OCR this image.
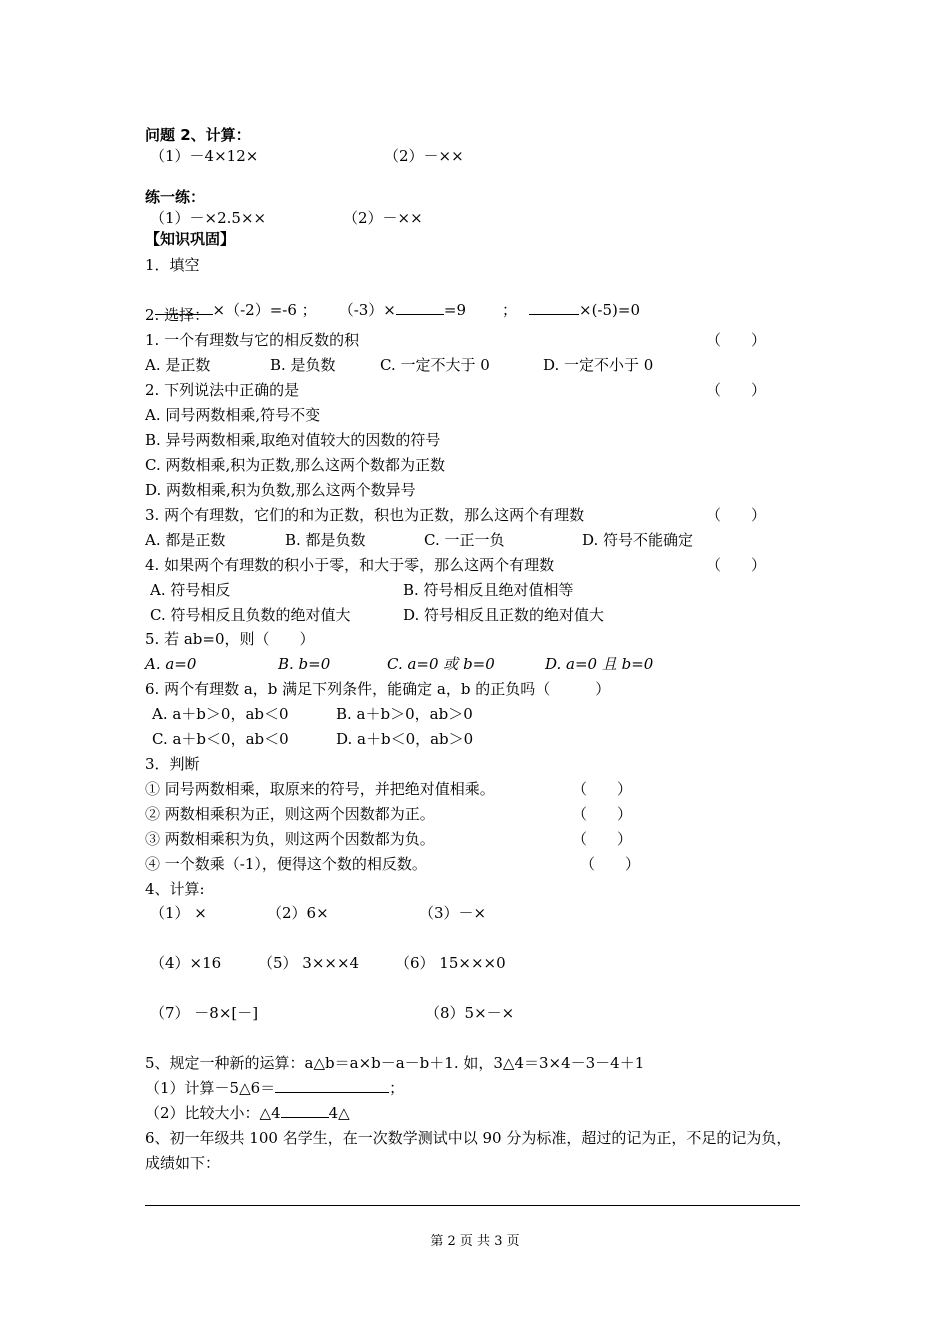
问题 2、计算：
（1）－4×12×	（2）－××
练一练：
（1）－×2.5××	（2）－××
【知识巩固】
1．填空

×（-2）=-6 ； （-3）×	=9 ；	×(-5)=0

2. 选择：
1. 一个有理数与它的相反数的积	（　　）
A. 是正数	B. 是负数	C. 一定不大于 0	D. 一定不小于 0
2. 下列说法中正确的是	（　　）
A. 同号两数相乘,符号不变
B. 异号两数相乘,取绝对值较大的因数的符号
C. 两数相乘,积为正数,那么这两个数都为正数
D. 两数相乘,积为负数,那么这两个数异号
3. 两个有理数，它们的和为正数，积也为正数，那么这两个有理数	（　　）
A. 都是正数	B. 都是负数	C. 一正一负	D. 符号不能确定
4. 如果两个有理数的积小于零，和大于零，那么这两个有理数	（　　）
A. 符号相反	B. 符号相反且绝对值相等
C. 符号相反且负数的绝对值大	D. 符号相反且正数的绝对值大
5. 若 ab=0，则（　　）
A. a=0	B. b=0	C. a=0 或 b=0	D. a=0 且 b=0
6. 两个有理数 a，b 满足下列条件，能确定 a，b 的正负吗（　　　）
A. a＋b＞0，ab＜0	B. a＋b＞0，ab＞0
C. a＋b＜0，ab＜0	D. a＋b＜0，ab＞0
3．判断
① 同号两数相乘，取原来的符号，并把绝对值相乘。	（　　）
② 两数相乘积为正，则这两个因数都为正。	（　　）
③ 两数相乘积为负，则这两个因数都为负。	（　　）
④ 一个数乘（-1），便得这个数的相反数。	（　　）
4、计算:
（1） ×	（2）6×	（3）－×
（4）×16 （5） 3×××4 （6） 15×××0
（7） －8×[－]	（8）5×－×
5、规定一种新的运算：a△b＝a×b－a－b＋1. 如，3△4＝3×4－3－4＋1
（1）计算－5△6＝	；
（2）比较大小：△4	4△
6、初一年级共 100 名学生，在一次数学测试中以 90 分为标准，超过的记为正，不足的记为负，
成绩如下：
第 2 页 共 3 页
